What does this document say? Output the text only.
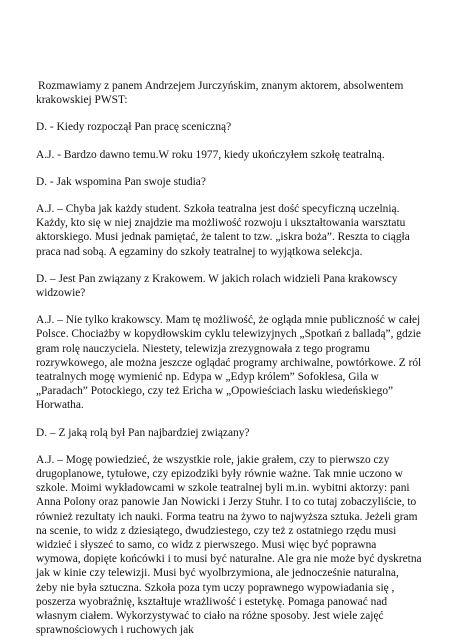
Rozmawiamy z panem Andrzejem Jurczyńskim, znanym aktorem, absolwentem krakowskiej PWST:

D. - Kiedy rozpoczął Pan pracę sceniczną?

A.J. - Bardzo dawno temu.W roku 1977, kiedy ukończyłem szkołę teatralną.

D. - Jak wspomina Pan swoje studia?

A.J. – Chyba jak każdy student. Szkoła teatralna jest dość specyficzną uczelnią. Każdy, kto się w niej znajdzie ma możliwość rozwoju i ukształtowania warsztatu aktorskiego. Musi jednak pamiętać, że talent to tzw. „iskra boża”. Reszta to ciągła praca nad sobą. A egzaminy do szkoły teatralnej to wyjątkowa selekcja.

D. – Jest Pan związany z Krakowem. W jakich rolach widzieli Pana krakowscy widzowie?

A.J. – Nie tylko krakowscy. Mam tę możliwość, że ogląda mnie publiczność w całej Polsce. Chociażby w kopydłowskim cyklu telewizyjnych „Spotkań z balladą”, gdzie gram rolę nauczyciela. Niestety, telewizja zrezygnowała z tego programu rozrywkowego, ale można jeszcze oglądać programy archiwalne, powtórkowe. Z ról teatralnych mogę wymienić np. Edypa w „Edyp królem” Sofoklesa, Gila w „Paradach” Potockiego, czy też Ericha w „Opowieściach lasku wiedeńskiego” Horwatha.

D. – Z jaką rolą był Pan najbardziej związany?

A.J. – Mogę powiedzieć, że wszystkie role, jakie grałem, czy to pierwszo czy drugoplanowe, tytułowe, czy epizodziki były równie ważne. Tak mnie uczono w szkole. Moimi wykładowcami w szkole teatralnej byli m.in. wybitni aktorzy: pani Anna Polony oraz panowie Jan Nowicki i Jerzy Stuhr. I to co tutaj zobaczyliście, to również rezultaty ich nauki. Forma teatru na żywo to najwyższa sztuka. Jeżeli gram na scenie, to widz z dziesiątego, dwudziestego, czy też z ostatniego rzędu musi widzieć i słyszeć to samo, co widz z pierwszego. Musi więc być poprawna wymowa, dopięte końcówki i to musi być naturalne. Ale gra nie może być dyskretna jak w kinie czy telewizji. Musi być wyolbrzymiona, ale jednocześnie naturalna, żeby nie była sztuczna. Szkoła poza tym uczy poprawnego wypowiadania się , poszerza wyobraźnię, kształtuje wrażliwość i estetykę. Pomaga panować nad własnym ciałem. Wykorzystywać to ciało na różne sposoby. Jest wiele zajęć sprawnościowych i ruchowych jak
